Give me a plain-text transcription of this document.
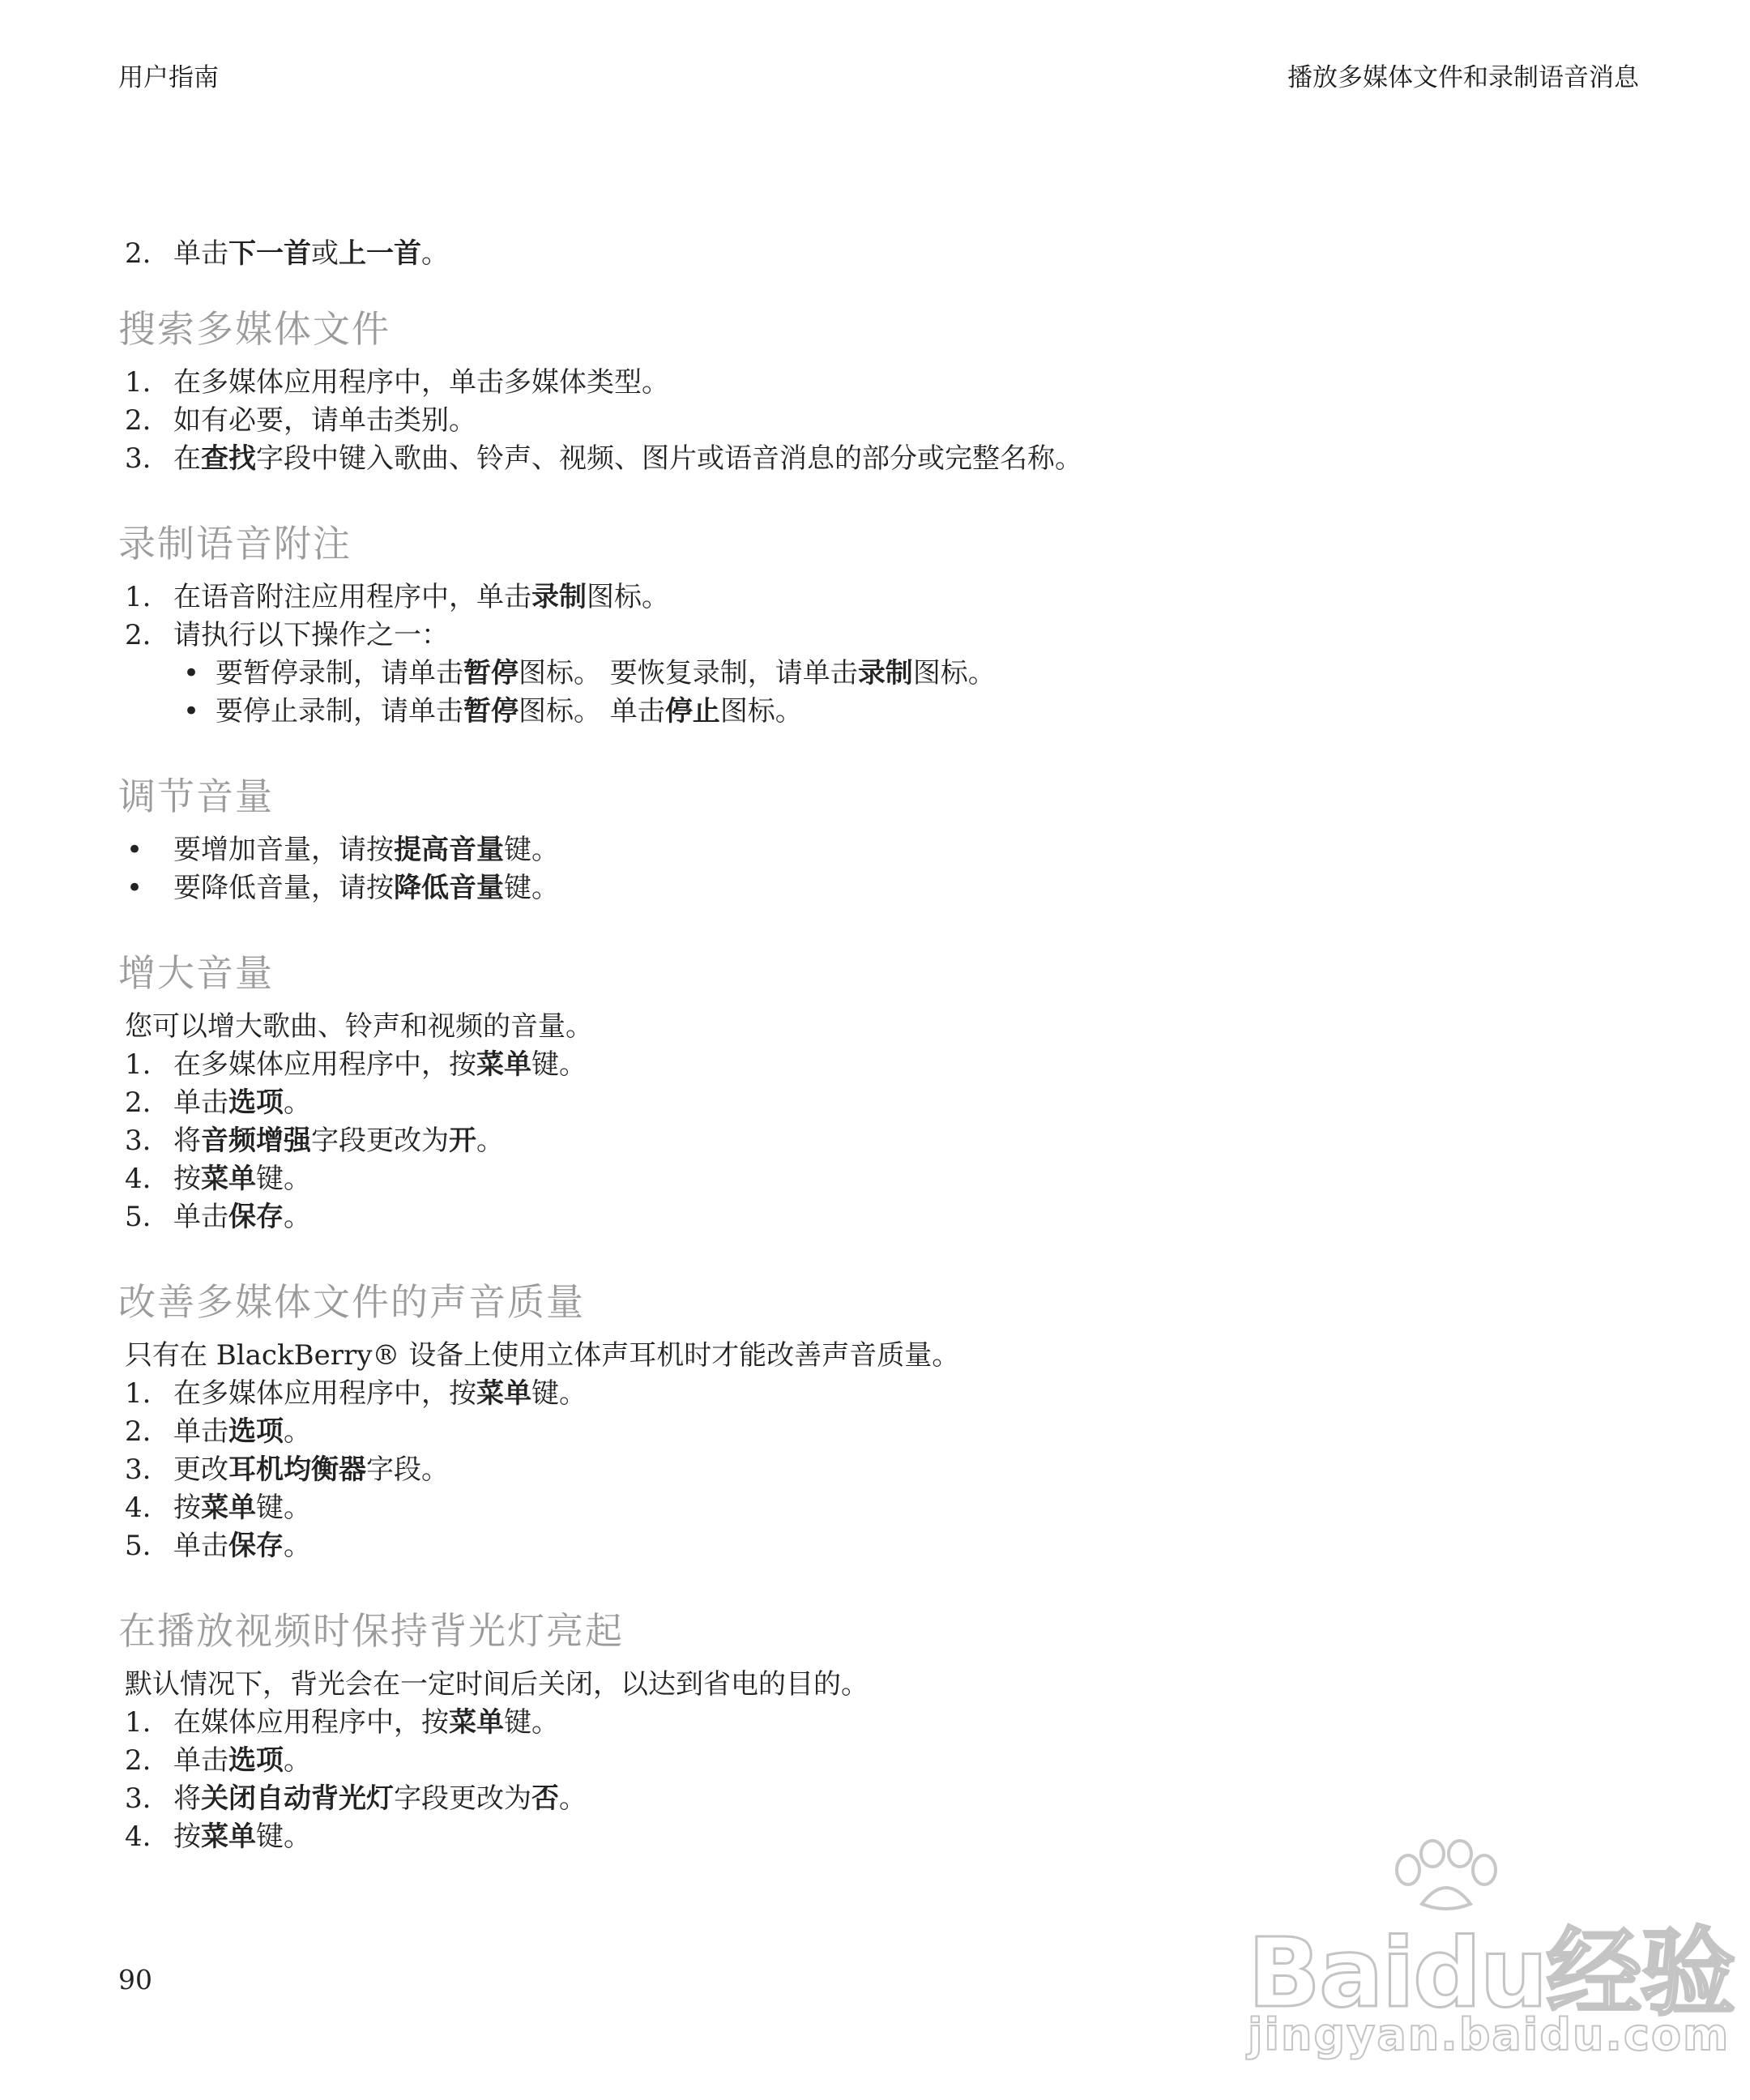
用户指南	播放多媒体文件和录制语音消息
2. 单击下一首或上一首。
搜索多媒体文件
1. 在多媒体应用程序中，单击多媒体类型。
2. 如有必要，请单击类别。
3. 在查找字段中键入歌曲、铃声、视频、图片或语音消息的部分或完整名称。
录制语音附注
1. 在语音附注应用程序中，单击录制图标。
2. 请执行以下操作之一：
• 要暂停录制，请单击暂停图标。 要恢复录制，请单击录制图标。
• 要停止录制，请单击暂停图标。 单击停止图标。
调节音量
• 要增加音量，请按提高音量键。
• 要降低音量，请按降低音量键。
增大音量
您可以增大歌曲、铃声和视频的音量。
1. 在多媒体应用程序中，按菜单键。
2. 单击选项。
3. 将音频增强字段更改为开。
4. 按菜单键。
5. 单击保存。
改善多媒体文件的声音质量
只有在 BlackBerry® 设备上使用立体声耳机时才能改善声音质量。
1. 在多媒体应用程序中，按菜单键。
2. 单击选项。
3. 更改耳机均衡器字段。
4. 按菜单键。
5. 单击保存。
在播放视频时保持背光灯亮起
默认情况下，背光会在一定时间后关闭，以达到省电的目的。
1. 在媒体应用程序中，按菜单键。
2. 单击选项。
3. 将关闭自动背光灯字段更改为否。
4. 按菜单键。
90	Baidu经验
jingyan.baidu.com
